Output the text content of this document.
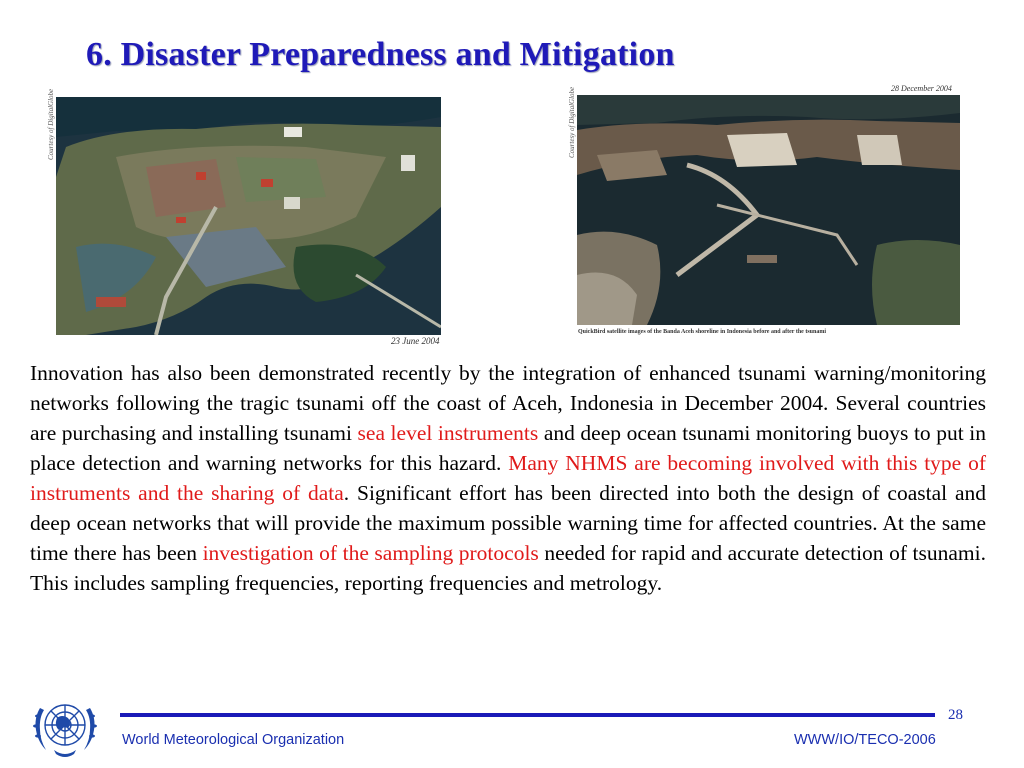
6. Disaster Preparedness and Mitigation
Courtesy of DigitalGlobe
23 June 2004
Courtesy of DigitalGlobe	28 December 2004
QuickBird satellite images of the Banda Aceh shoreline in Indonesia before and after the tsunami

Innovation has also been demonstrated recently by the integration of enhanced tsunami warning/monitoring networks following the tragic tsunami off the coast of Aceh, Indonesia in December 2004. Several countries are purchasing and installing tsunami sea level instruments and deep ocean tsunami monitoring buoys to put in place detection and warning networks for this hazard. Many NHMS are becoming involved with this type of instruments and the sharing of data. Significant effort has been directed into both the design of coastal and deep ocean networks that will provide the maximum possible warning time for affected countries. At the same time there has been investigation of the sampling protocols needed for rapid and accurate detection of tsunami. This includes sampling frequencies, reporting frequencies and metrology.

28
World Meteorological Organization	WWW/IO/TECO-2006
